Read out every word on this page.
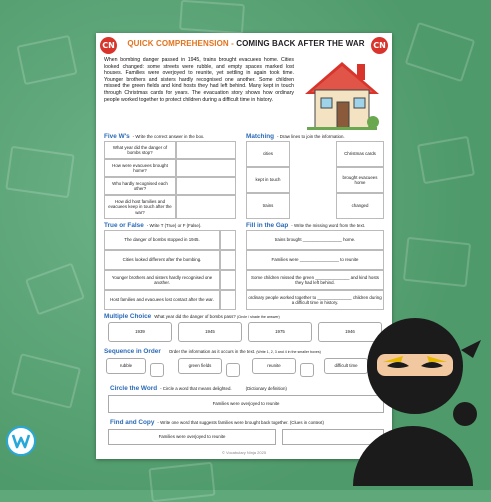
CN	CN
QUICK COMPREHENSION - COMING BACK AFTER THE WAR
When bombing danger passed in 1945, trains brought evacuees home. Cities looked changed: some streets were rubble, and empty spaces marked lost houses. Families were overjoyed to reunite, yet settling in again took time. Younger brothers and sisters hardly recognised one another. Some children missed the green fields and kind hosts they had left behind. Many kept in touch through Christmas cards for years. The evacuation story shows how ordinary people worked together to protect children during a difficult time in history.
Five W's - Write the correct answer in the box.
What year did the danger of bombs stop?
How were evacuees brought home?
Who hardly recognised each other?
How did host families and evacuees keep in touch after the war?
Matching - Draw lines to join the information.
cities
kept in touch
trains
Christmas cards
brought evacuees home
changed
True or False - Write T (True) or F (False).
The danger of bombs stopped in 1945.
Cities looked different after the bombing.
Younger brothers and sisters hardly recognised one another.
Host families and evacuees lost contact after the war.
Fill in the Gap - Write the missing word from the text.
trains brought ________________ home.
Families were ________________ to reunite
Some children missed the green ______________ and kind hosts they had left behind.
ordinary people worked together to ______________ children during a difficult time in history.
Multiple Choice What year did the danger of bombs pass?(Circle / shade the answer)
1939	1945	1975	1946
Sequence in Order Order the information as it occurs in the text.(Write 1, 2, 3 and 4 in the smaller boxes)
rubble	green fields	reunite	difficult time
Circle the Word - Circle a word that means delighted.	(Dictionary definition)
Families were overjoyed to reunite
Find and Copy - Write one word that suggests families were brought back together. (Clues in context)
Families were overjoyed to reunite
© Vocabulary Ninja 2025
